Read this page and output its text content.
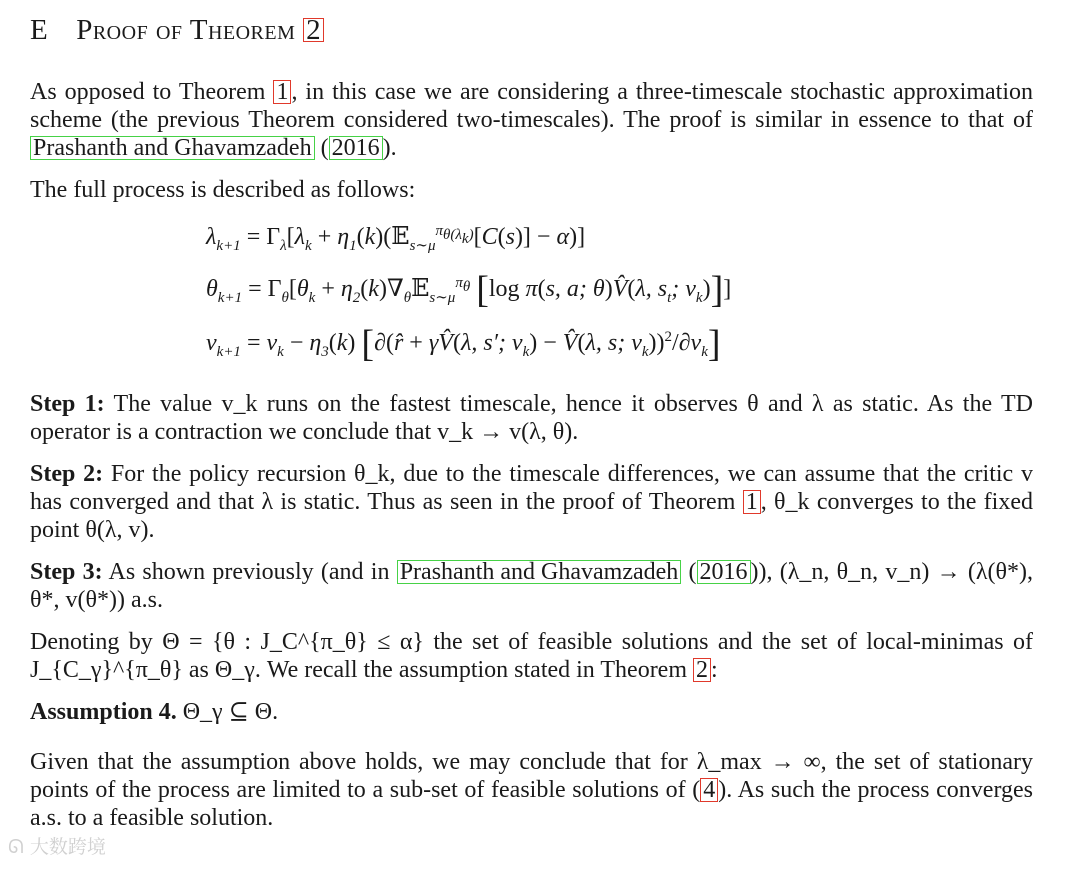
E Proof of Theorem 2
As opposed to Theorem 1 , in this case we are considering a three-timescale stochastic approximation scheme (the previous Theorem considered two-timescales). The proof is similar in essence to that of Prashanth and Ghavamzadeh ( 2016 ).
The full process is described as follows:
$\lambda_{k+1} = \Gamma_\lambda[\lambda_k$ + $\eta_1(k)(𝔼_{s\sim\mu}^{\pi_{\theta(\lambda_k)}}[C(s)] - \alpha)$]
$\theta_{k+1} = \Gamma_\theta[\theta_k$ + $\eta_2(k)\nabla_\theta 𝔼_{s\sim\mu}^{\pi_\theta}$ [log π(s, a; θ)V̂(λ, $s_t$; $v_k$)]]
$v_{k+1} = v_k - \eta_3(k)$ [∂(r̂ + γV̂(λ, s′; $v_k$) − V̂(λ, s; $v_k))^2/\partial v_k$]
Step 1: The value v_k runs on the fastest timescale, hence it observes θ and λ as static. As the TD operator is a contraction we conclude that v_k → v(λ, θ).
Step 2: For the policy recursion θ_k, due to the timescale differences, we can assume that the critic v has converged and that λ is static. Thus as seen in the proof of Theorem 1 , θ_k converges to the fixed point θ(λ, v).
Step 3: As shown previously (and in Prashanth and Ghavamzadeh ( 2016 )), (λ_n, θ_n, v_n) → (λ(θ*), θ*, v(θ*)) a.s.
Denoting by Θ = {θ : J_C^{π_θ} ≤ α} the set of feasible solutions and the set of local-minimas of J_{C_γ}^{π_θ} as Θ_γ. We recall the assumption stated in Theorem 2 :
Assumption 4. Θ_γ ⊆ Θ.
Given that the assumption above holds, we may conclude that for λ_max → ∞, the set of stationary points of the process are limited to a sub-set of feasible solutions of ( 4 ). As such the process converges a.s. to a feasible solution.
ᘏ 大数跨境
